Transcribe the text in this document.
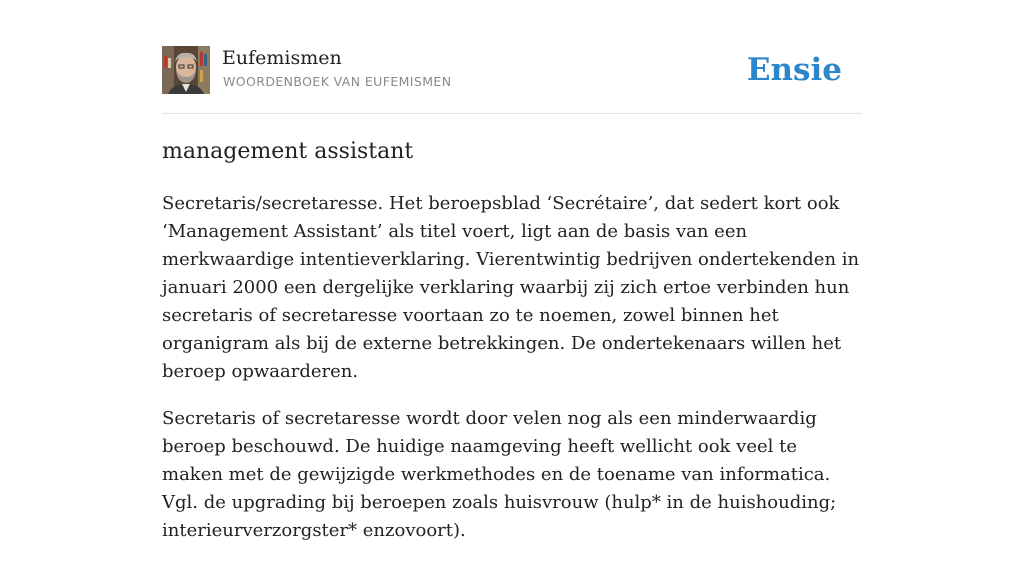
Eufemismen
WOORDENBOEK VAN EUFEMISMEN	Ensie
management assistant

Secretaris/secretaresse. Het beroepsblad ‘Secrétaire’, dat sedert kort ook ‘Management Assistant’ als titel voert, ligt aan de basis van een merkwaardige intentieverklaring. Vierentwintig bedrijven ondertekenden in januari 2000 een dergelijke verklaring waarbij zij zich ertoe verbinden hun secretaris of secretaresse voortaan zo te noemen, zowel binnen het organigram als bij de externe betrekkingen. De ondertekenaars willen het beroep opwaarderen.

Secretaris of secretaresse wordt door velen nog als een minderwaardig beroep beschouwd. De huidige naamgeving heeft wellicht ook veel te maken met de gewijzigde werkmethodes en de toename van informatica. Vgl. de upgrading bij beroepen zoals huisvrouw (hulp* in de huishouding; interieurverzorgster* enzovoort).
